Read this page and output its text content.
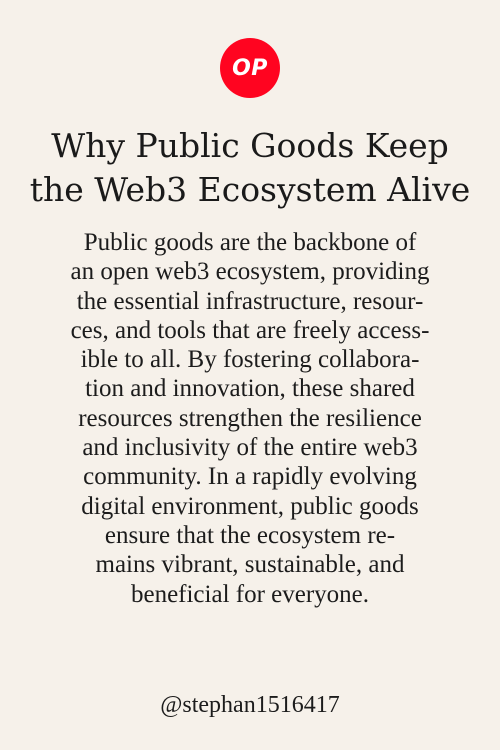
OP
Why Public Goods Keep
the Web3 Ecosystem Alive

Public goods are the backbone of
an open web3 ecosystem, providing
the essential infrastructure, resour-
ces, and tools that are freely access-
ible to all. By fostering collabora-
tion and innovation, these shared
resources strengthen the resilience
and inclusivity of the entire web3
community. In a rapidly evolving
digital environment, public goods
ensure that the ecosystem re-
mains vibrant, sustainable, and
beneficial for everyone.

@stephan1516417
